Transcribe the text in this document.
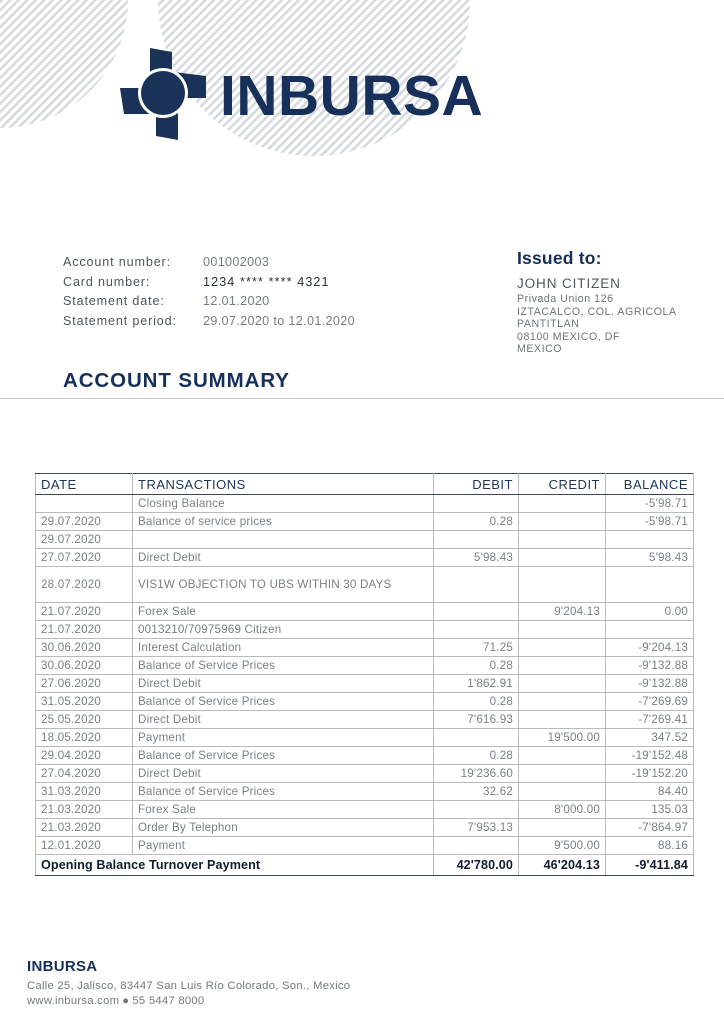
INBURSA
Account number:	001002003
Card number:	1234 **** **** 4321
Statement date:	12.01.2020
Statement period:	29.07.2020 to 12.01.2020
Issued to:
JOHN CITIZEN
Privada Union 126
IZTACALCO, COL. AGRICOLA
PANTITLAN
08100 MEXICO, DF
MEXICO
ACCOUNT SUMMARY
DATE	TRANSACTIONS	DEBIT	CREDIT	BALANCE
	Closing Balance			-5'98.71
29.07.2020	Balance of service prices	0.28		-5'98.71
29.07.2020				
27.07.2020	Direct Debit	5'98.43		5'98.43
28.07.2020	VIS1W OBJECTION TO UBS WITHIN 30 DAYS			
21.07.2020	Forex Sale		9'204.13	0.00
21.07.2020	0013210/70975969 Citizen			
30.06.2020	Interest Calculation	71.25		-9'204.13
30.06.2020	Balance of Service Prices	0.28		-9'132.88
27.06.2020	Direct Debit	1'862.91		-9'132.88
31.05.2020	Balance of Service Prices	0.28		-7'269.69
25.05.2020	Direct Debit	7'616.93		-7'269.41
18.05.2020	Payment		19'500.00	347.52
29.04.2020	Balance of Service Prices	0.28		-19'152.48
27.04.2020	Direct Debit	19'236.60		-19'152.20
31.03.2020	Balance of Service Prices	32.62		84.40
21.03.2020	Forex Sale		8'000.00	135.03
21.03.2020	Order By Telephon	7'953.13		-7'864.97
12.01.2020	Payment		9'500.00	88.16
Opening Balance Turnover Payment		42'780.00	46'204.13	-9'411.84
INBURSA
Calle 25, Jalisco, 83447 San Luis Río Colorado, Son., Mexico
www.inbursa.com ● 55 5447 8000
